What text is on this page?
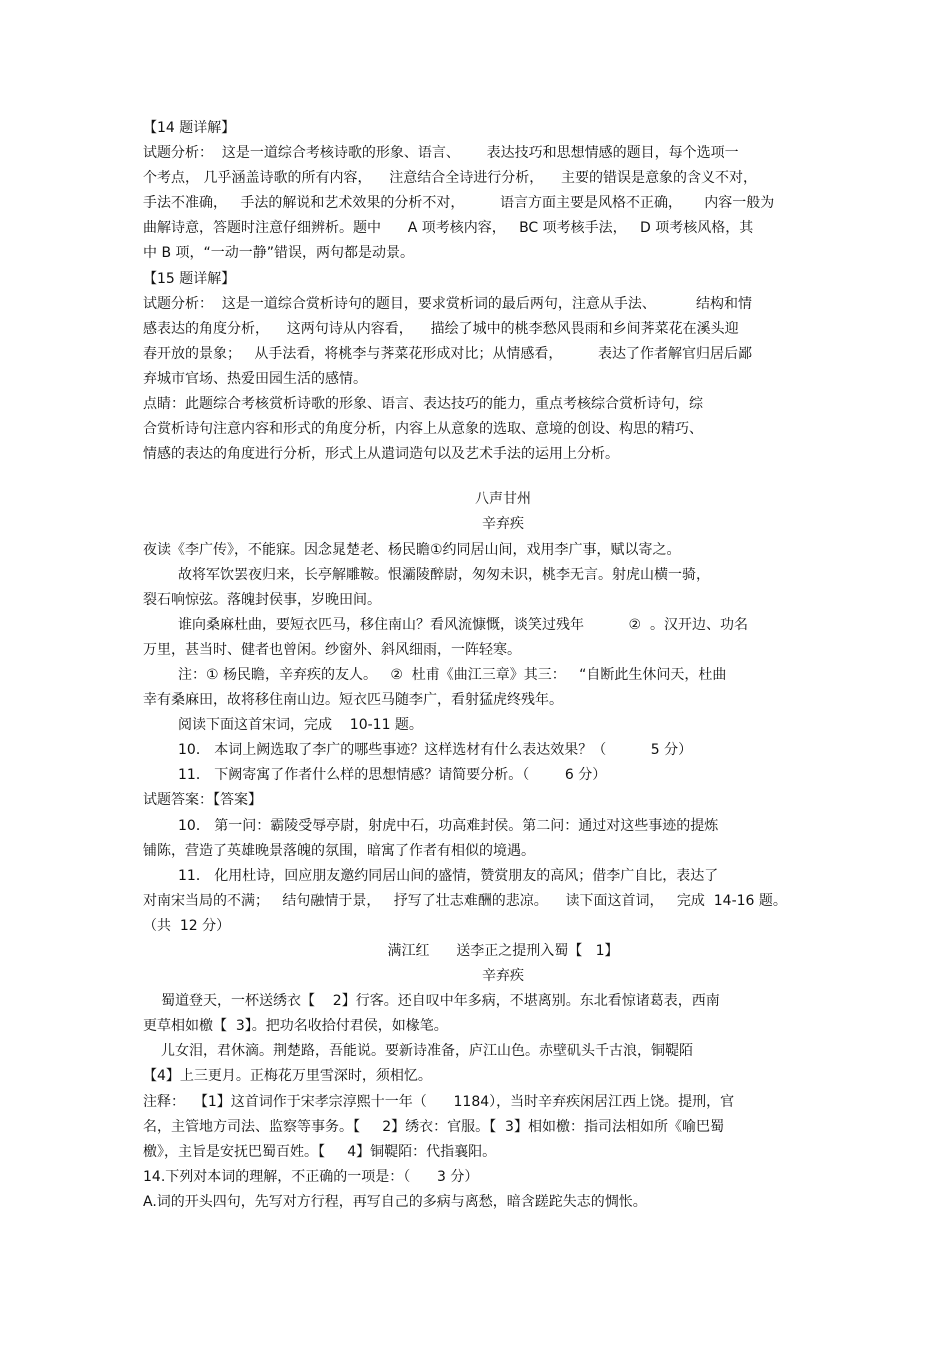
【14 题详解】
试题分析：  这是一道综合考核诗歌的形象、语言、      表达技巧和思想情感的题目，每个选项一
个考点， 几乎涵盖诗歌的所有内容，    注意结合全诗进行分析，    主要的错误是意象的含义不对，
手法不准确，   手法的解说和艺术效果的分析不对，        语言方面主要是风格不正确，     内容一般为
曲解诗意，答题时注意仔细辨析。题中      A 项考核内容，   BC 项考核手法，   D 项考核风格，其
中 B 项，“一动一静”错误，两句都是动景。
【15 题详解】
试题分析：  这是一道综合赏析诗句的题目，要求赏析词的最后两句，注意从手法、         结构和情
感表达的角度分析，    这两句诗从内容看，    描绘了城中的桃李愁风畏雨和乡间荠菜花在溪头迎
春开放的景象；   从手法看，将桃李与荠菜花形成对比；从情感看，        表达了作者解官归居后鄙
弃城市官场、热爱田园生活的感情。
点睛：此题综合考核赏析诗歌的形象、语言、表达技巧的能力，重点考核综合赏析诗句，综
合赏析诗句注意内容和形式的角度分析，内容上从意象的选取、意境的创设、构思的精巧、
情感的表达的角度进行分析，形式上从遣词造句以及艺术手法的运用上分析。
八声甘州
辛弃疾
夜读《李广传》，不能寐。因念晁楚老、杨民瞻①约同居山间，戏用李广事，赋以寄之。
故将军饮罢夜归来，长亭解雕鞍。恨灞陵醉尉，匆匆未识，桃李无言。射虎山横一骑，
裂石响惊弦。落魄封侯事，岁晚田间。
谁向桑麻杜曲，要短衣匹马，移住南山？看风流慷慨，谈笑过残年          ②  。汉开边、功名
万里，甚当时、健者也曾闲。纱窗外、斜风细雨，一阵轻寒。
注：① 杨民瞻，辛弃疾的友人。   ②  杜甫《曲江三章》其三：   “自断此生休问天，杜曲
幸有桑麻田，故将移住南山边。短衣匹马随李广，看射猛虎终残年。
阅读下面这首宋词，完成    10-11 题。
10． 本词上阙选取了李广的哪些事迹？这样选材有什么表达效果？（          5 分）
11． 下阙寄寓了作者什么样的思想情感？请简要分析。（        6 分）
试题答案：【答案】
10． 第一问：霸陵受辱亭尉，射虎中石，功高难封侯。第二问：通过对这些事迹的提炼
铺陈，营造了英雄晚景落魄的氛围，暗寓了作者有相似的境遇。
11． 化用杜诗，回应朋友邀约同居山间的盛情，赞赏朋友的高风；借李广自比，表达了
对南宋当局的不满；   结句融情于景，   抒写了壮志难酬的悲凉。    读下面这首词，   完成  14-16 题。
（共  12 分）
满江红      送李正之提刑入蜀【   1】
辛弃疾
蜀道登天，一杯送绣衣【    2】行客。还自叹中年多病，不堪离别。东北看惊诸葛表，西南
更草相如檄【  3】。把功名收拾付君侯，如椽笔。
儿女泪，君休滴。荆楚路，吾能说。要新诗准备，庐江山色。赤壁矶头千古浪，铜鞮陌
【4】上三更月。正梅花万里雪深时，须相忆。
注释：  【1】这首词作于宋孝宗淳熙十一年（      1184），当时辛弃疾闲居江西上饶。提刑，官
名，主管地方司法、监察等事务。【     2】绣衣：官服。【  3】相如檄：指司法相如所《喻巴蜀
檄》，主旨是安抚巴蜀百姓。【     4】铜鞮陌：代指襄阳。
14.下列对本词的理解，不正确的一项是：（      3 分）
A.词的开头四句，先写对方行程，再写自己的多病与离愁，暗含蹉跎失志的惆怅。
